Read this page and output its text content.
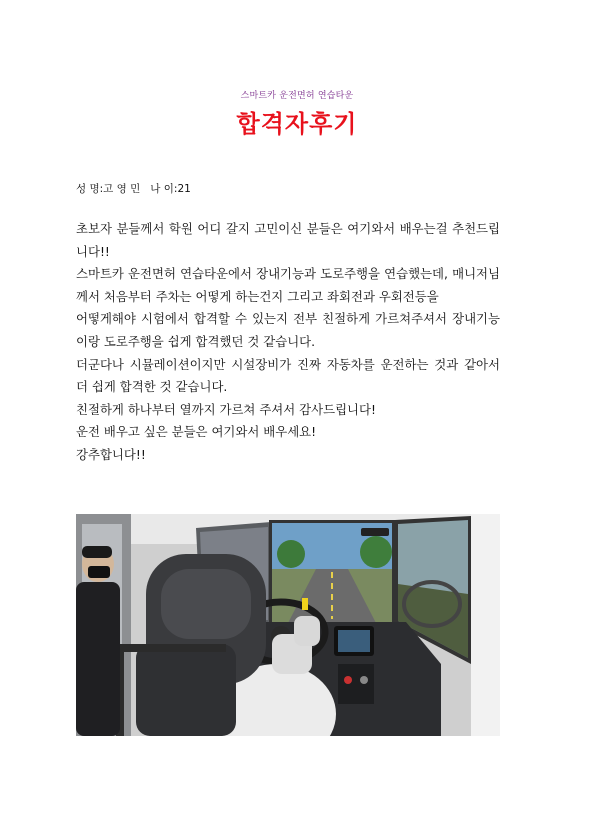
스마트카 운전면허 연습타운
합격자후기
성 명:고 영 민   나 이:21

초보자 분들께서 학원 어디 갈지 고민이신 분들은 여기와서 배우는걸 추천드립니다!!

스마트카 운전면허 연습타운에서 장내기능과 도로주행을 연습했는데, 매니저님께서 처음부터 주차는 어떻게 하는건지 그리고 좌회전과 우회전등을

어떻게해야 시험에서 합격할 수 있는지 전부 친절하게 가르쳐주셔서 장내기능이랑 도로주행을 쉽게 합격했던 것 같습니다.

더군다나 시뮬레이션이지만 시설장비가 진짜 자동차를 운전하는 것과 같아서 더 쉽게 합격한 것 같습니다.

친절하게 하나부터 열까지 가르쳐 주셔서 감사드립니다!

운전 배우고 싶은 분들은 여기와서 배우세요!

강추합니다!!
